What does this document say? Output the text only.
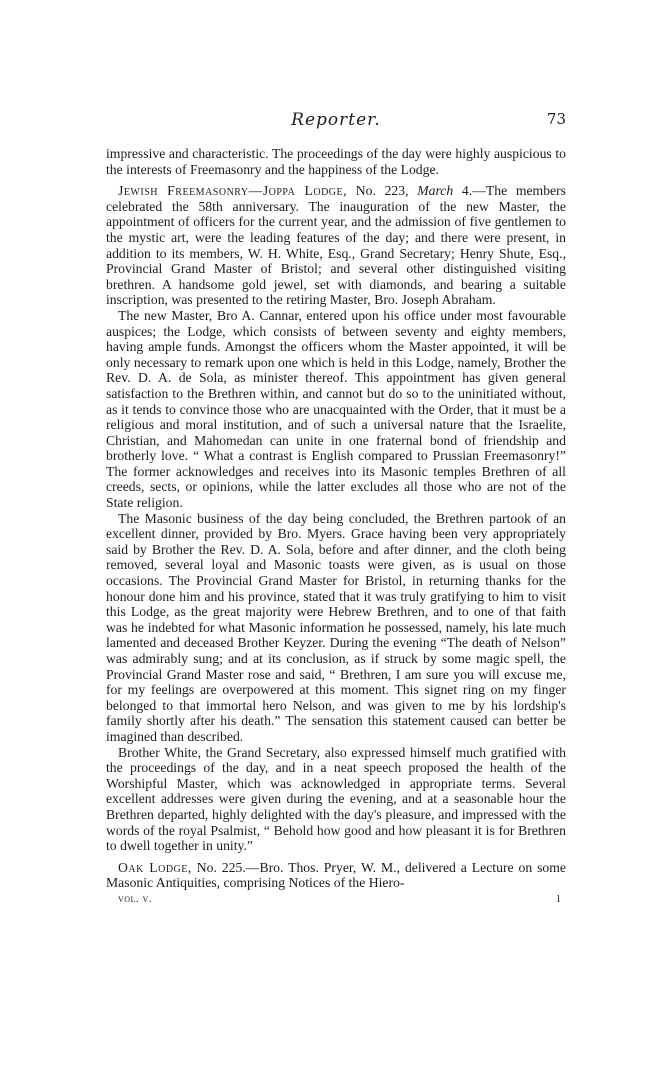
Reporter.	73

impressive and characteristic. The proceedings of the day were highly auspicious to the interests of Freemasonry and the happiness of the Lodge.

Jewish Freemasonry—Joppa Lodge, No. 223, March 4.—The members celebrated the 58th anniversary. The inauguration of the new Master, the appointment of officers for the current year, and the admission of five gentlemen to the mystic art, were the leading features of the day; and there were present, in addition to its members, W. H. White, Esq., Grand Secretary; Henry Shute, Esq., Provincial Grand Master of Bristol; and several other distinguished visiting brethren. A handsome gold jewel, set with diamonds, and bearing a suitable inscription, was presented to the retiring Master, Bro. Joseph Abraham.

The new Master, Bro A. Cannar, entered upon his office under most favourable auspices; the Lodge, which consists of between seventy and eighty members, having ample funds. Amongst the officers whom the Master appointed, it will be only necessary to remark upon one which is held in this Lodge, namely, Brother the Rev. D. A. de Sola, as minister thereof. This appointment has given general satisfaction to the Brethren within, and cannot but do so to the uninitiated without, as it tends to convince those who are unacquainted with the Order, that it must be a religious and moral institution, and of such a universal nature that the Israelite, Christian, and Mahomedan can unite in one fraternal bond of friendship and brotherly love. “ What a contrast is English compared to Prussian Freemasonry!” The former acknowledges and receives into its Masonic temples Brethren of all creeds, sects, or opinions, while the latter excludes all those who are not of the State religion.

The Masonic business of the day being concluded, the Brethren partook of an excellent dinner, provided by Bro. Myers. Grace having been very appropriately said by Brother the Rev. D. A. Sola, before and after dinner, and the cloth being removed, several loyal and Masonic toasts were given, as is usual on those occasions. The Provincial Grand Master for Bristol, in returning thanks for the honour done him and his province, stated that it was truly gratifying to him to visit this Lodge, as the great majority were Hebrew Brethren, and to one of that faith was he indebted for what Masonic information he possessed, namely, his late much lamented and deceased Brother Keyzer. During the evening “The death of Nelson” was admirably sung; and at its conclusion, as if struck by some magic spell, the Provincial Grand Master rose and said, “ Brethren, I am sure you will excuse me, for my feelings are overpowered at this moment. This signet ring on my finger belonged to that immortal hero Nelson, and was given to me by his lordship's family shortly after his death.” The sensation this statement caused can better be imagined than described.

Brother White, the Grand Secretary, also expressed himself much gratified with the proceedings of the day, and in a neat speech proposed the health of the Worshipful Master, which was acknowledged in appropriate terms. Several excellent addresses were given during the evening, and at a seasonable hour the Brethren departed, highly delighted with the day's pleasure, and impressed with the words of the royal Psalmist, “ Behold how good and how pleasant it is for Brethren to dwell together in unity.”

Oak Lodge, No. 225.—Bro. Thos. Pryer, W. M., delivered a Lecture on some Masonic Antiquities, comprising Notices of the Hiero-

vol. v.	l
